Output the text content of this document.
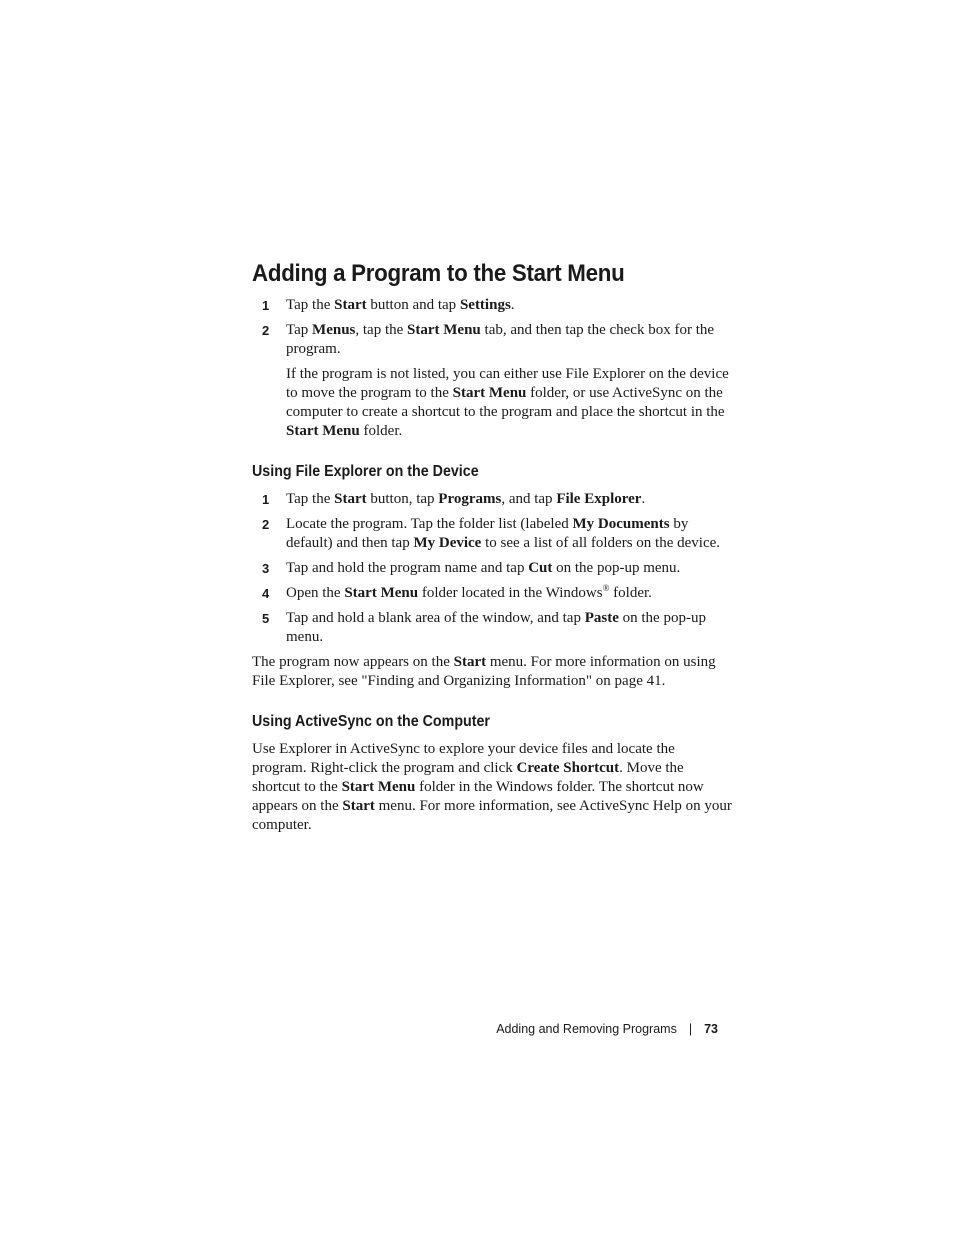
Adding a Program to the Start Menu
1 Tap the Start button and tap Settings.
2 Tap Menus, tap the Start Menu tab, and then tap the check box for the program.

If the program is not listed, you can either use File Explorer on the device to move the program to the Start Menu folder, or use ActiveSync on the computer to create a shortcut to the program and place the shortcut in the Start Menu folder.

Using File Explorer on the Device
1 Tap the Start button, tap Programs, and tap File Explorer.
2 Locate the program. Tap the folder list (labeled My Documents by default) and then tap My Device to see a list of all folders on the device.
3 Tap and hold the program name and tap Cut on the pop-up menu.
4 Open the Start Menu folder located in the Windows® folder.
5 Tap and hold a blank area of the window, and tap Paste on the pop-up menu.

The program now appears on the Start menu. For more information on using File Explorer, see "Finding and Organizing Information" on page 41.

Using ActiveSync on the Computer

Use Explorer in ActiveSync to explore your device files and locate the program. Right-click the program and click Create Shortcut. Move the shortcut to the Start Menu folder in the Windows folder. The shortcut now appears on the Start menu. For more information, see ActiveSync Help on your computer.

Adding and Removing Programs | 73
